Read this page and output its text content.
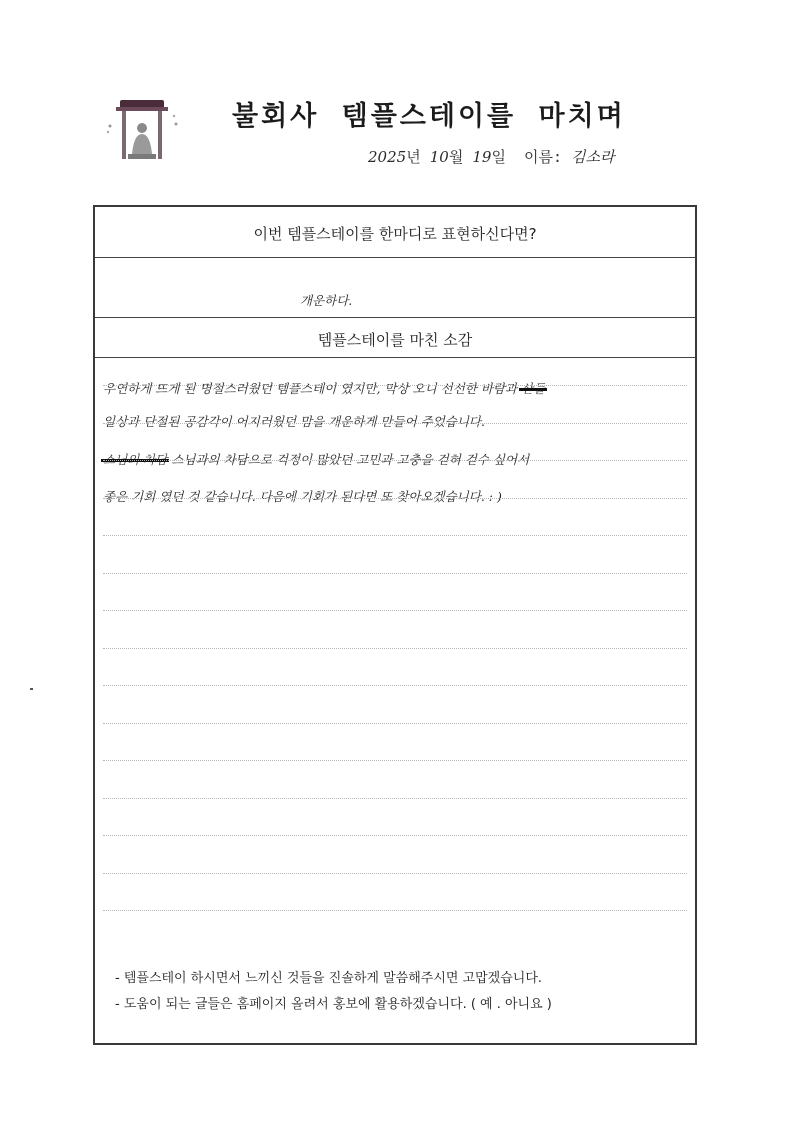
불회사 템플스테이를 마치며
2025년 10월 19일 이름: 김소라
이번 템플스테이를 한마디로 표현하신다면?
개운하다.
템플스테이를 마친 소감
우연하게 뜨게 된 명절스러웠던 템플스테이 였지만, 막상 오니 선선한 바람과 산들
일상과 단절된 공감각이 어지러웠던 맘을 개운하게 만들어 주었습니다.
스님의 차담 스님과의 차담으로 걱정이 많았던 고민과 고충을 걷혀 걷수 싶어서
좋은 기회 였던 것 같습니다. 다음에 기회가 된다면 또 찾아오겠습니다. : )
- 템플스테이 하시면서 느끼신 것들을 진솔하게 말씀해주시면 고맙겠습니다.
- 도움이 되는 글들은 홈페이지 올려서 홍보에 활용하겠습니다. ( 예 . 아니요 )
